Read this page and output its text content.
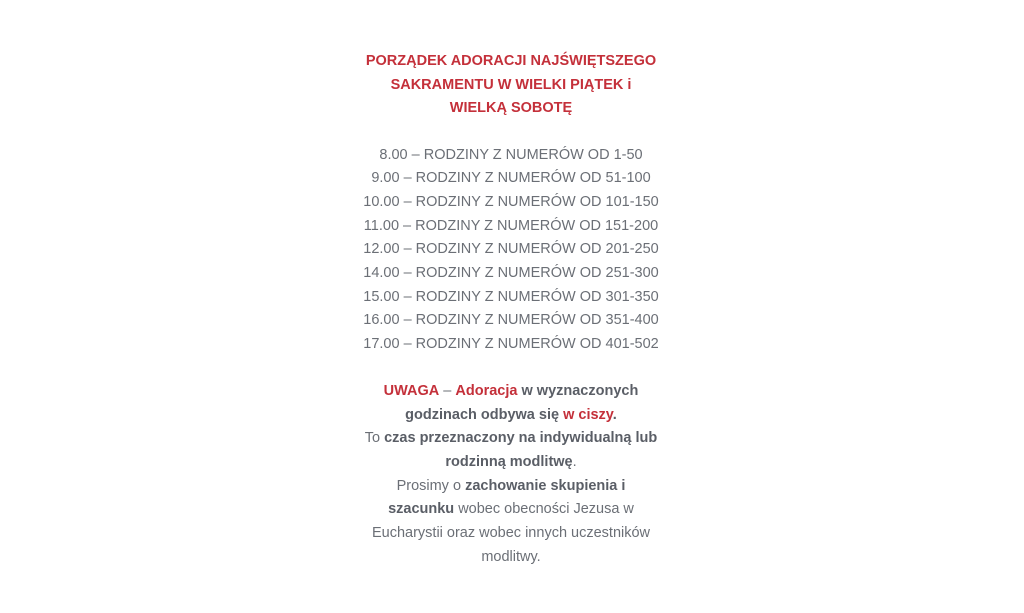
PORZĄDEK ADORACJI NAJŚWIĘTSZEGO SAKRAMENTU W WIELKI PIĄTEK i WIELKĄ SOBOTĘ

8.00 – RODZINY Z NUMERÓW OD 1-50
9.00 – RODZINY Z NUMERÓW OD 51-100
10.00 – RODZINY Z NUMERÓW OD 101-150
11.00 – RODZINY Z NUMERÓW OD 151-200
12.00 – RODZINY Z NUMERÓW OD 201-250
14.00 – RODZINY Z NUMERÓW OD 251-300
15.00 – RODZINY Z NUMERÓW OD 301-350
16.00 – RODZINY Z NUMERÓW OD 351-400
17.00 – RODZINY Z NUMERÓW OD 401-502
UWAGA – Adoracja w wyznaczonych godzinach odbywa się w ciszy.
To czas przeznaczony na indywidualną lub rodzinną modlitwę.
Prosimy o zachowanie skupienia i szacunku wobec obecności Jezusa w Eucharystii oraz wobec innych uczestników modlitwy.
